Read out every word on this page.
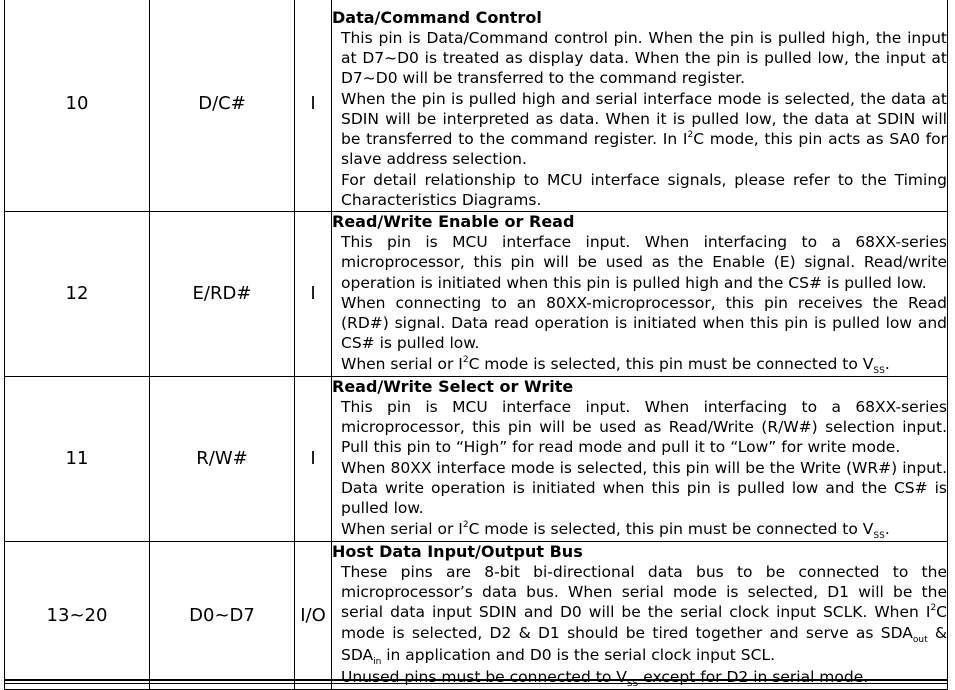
10	D/C#	I	Data/Command Control
This pin is Data/Command control pin. When the pin is pulled high, the input at D7~D0 is treated as display data. When the pin is pulled low, the input at D7~D0 will be transferred to the command register.
When the pin is pulled high and serial interface mode is selected, the data at SDIN will be interpreted as data. When it is pulled low, the data at SDIN will be transferred to the command register. In $I^2C$ mode, this pin acts as SA0 for slave address selection.
For detail relationship to MCU interface signals, please refer to the Timing Characteristics Diagrams.

12	E/RD#	I	Read/Write Enable or Read
This pin is MCU interface input. When interfacing to a 68XX-series microprocessor, this pin will be used as the Enable (E) signal. Read/write operation is initiated when this pin is pulled high and the CS# is pulled low.
When connecting to an 80XX-microprocessor, this pin receives the Read (RD#) signal. Data read operation is initiated when this pin is pulled low and CS# is pulled low.
When serial or $I^2C$ mode is selected, this pin must be connected to $V_{SS}$.

11	R/W#	I	Read/Write Select or Write
This pin is MCU interface input. When interfacing to a 68XX-series microprocessor, this pin will be used as Read/Write (R/W#) selection input. Pull this pin to “High” for read mode and pull it to “Low” for write mode.
When 80XX interface mode is selected, this pin will be the Write (WR#) input. Data write operation is initiated when this pin is pulled low and the CS# is pulled low.
When serial or $I^2C$ mode is selected, this pin must be connected to $V_{SS}$.

13~20	D0~D7	I/O	Host Data Input/Output Bus
These pins are 8-bit bi-directional data bus to be connected to the microprocessor’s data bus. When serial mode is selected, D1 will be the serial data input SDIN and D0 will be the serial clock input SCLK. When $I^2C$ mode is selected, D2 & D1 should be tired together and serve as $SDA_{out}$ & $SDA_{in}$ in application and D0 is the serial clock input SCL.
Unused pins must be connected to $V_{SS}$ except for D2 in serial mode.
